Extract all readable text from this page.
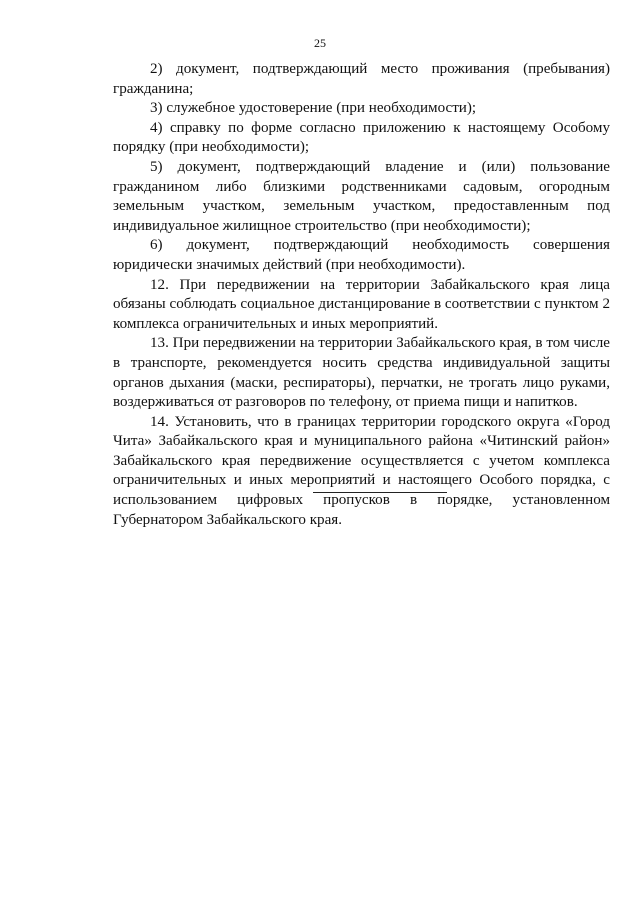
25

2) документ, подтверждающий место проживания (пребывания) гражданина;

3) служебное удостоверение (при необходимости);

4) справку по форме согласно приложению к настоящему Особому порядку (при необходимости);

5) документ, подтверждающий владение и (или) пользование гражданином либо близкими родственниками садовым, огородным земельным участком, земельным участком, предоставленным под индивидуальное жилищное строительство (при необходимости);

6) документ, подтверждающий необходимость совершения юридически значимых действий (при необходимости).

12. При передвижении на территории Забайкальского края лица обязаны соблюдать социальное дистанцирование в соответствии с пунктом 2 комплекса ограничительных и иных мероприятий.

13. При передвижении на территории Забайкальского края, в том числе в транспорте, рекомендуется носить средства индивидуальной защиты органов дыхания (маски, респираторы), перчатки, не трогать лицо руками, воздерживаться от разговоров по телефону, от приема пищи и напитков.

14. Установить, что в границах территории городского округа «Город Чита» Забайкальского края и муниципального района «Читинский район» Забайкальского края передвижение осуществляется с учетом комплекса ограничительных и иных мероприятий и настоящего Особого порядка, с использованием цифровых пропусков в порядке, установленном Губернатором Забайкальского края.
